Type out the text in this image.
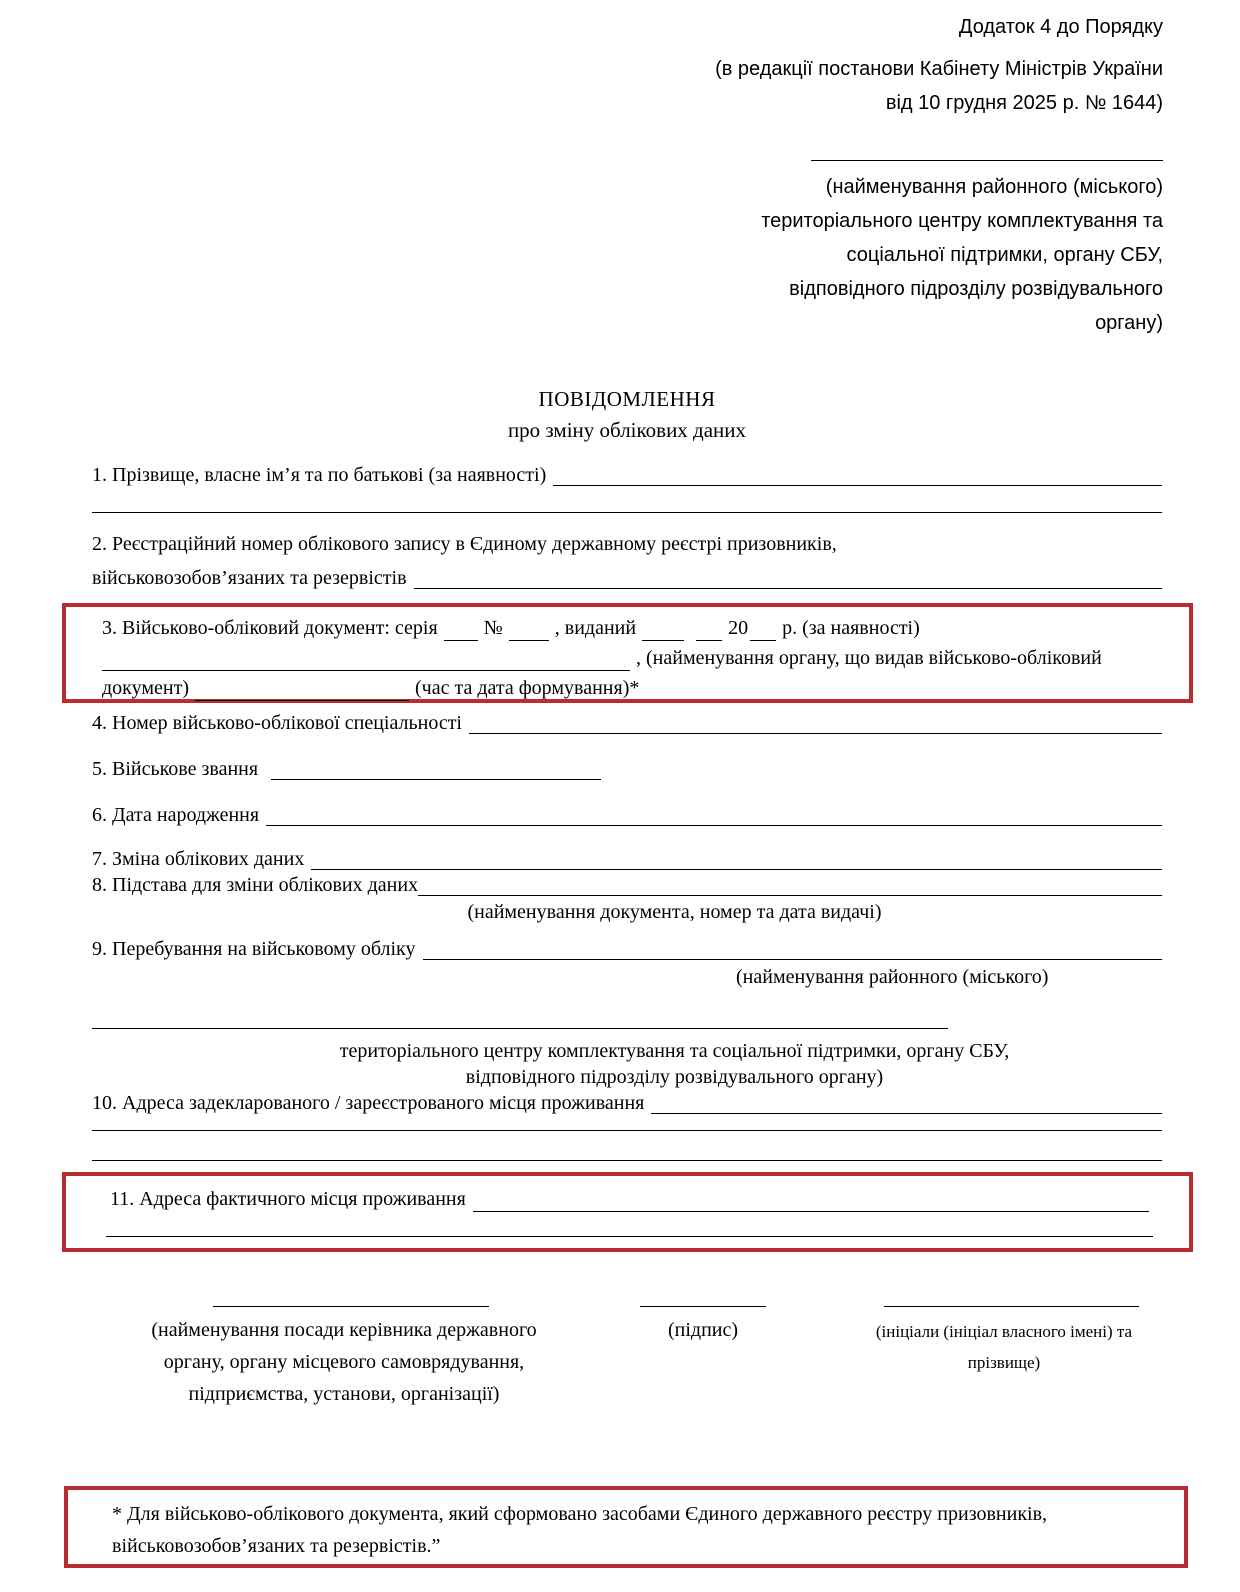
Додаток 4 до Порядку
(в редакції постанови Кабінету Міністрів України
від 10 грудня 2025 р. № 1644)
(найменування районного (міського)
територіального центру комплектування та
соціальної підтримки, органу СБУ,
відповідного підрозділу розвідувального
органу)
ПОВІДОМЛЕННЯ
про зміну облікових даних
1. Прізвище, власне ім’я та по батькові (за наявності)
2. Реєстраційний номер облікового запису в Єдиному державному реєстрі призовників,
військовозобов’язаних та резервістів
3. Військово-обліковий документ: серія №	, виданий	20 р. (за наявності)
, (найменування органу, що видав військово-обліковий
документ)	(час та дата формування)*
4. Номер військово-облікової спеціальності
5. Військове звання
6. Дата народження
7. Зміна облікових даних
8. Підстава для зміни облікових даних
(найменування документа, номер та дата видачі)
9. Перебування на військовому обліку
(найменування районного (міського)
територіального центру комплектування та соціальної підтримки, органу СБУ,
відповідного підрозділу розвідувального органу)
10. Адреса задекларованого / зареєстрованого місця проживання
11. Адреса фактичного місця проживання
(найменування посади керівника державного
органу, органу місцевого самоврядування,
підприємства, установи, організації)
(підпис)	(ініціали (ініціал власного імені) та
прізвище)
* Для військово-облікового документа, який сформовано засобами Єдиного державного реєстру призовників,
військовозобов’язаних та резервістів.”
